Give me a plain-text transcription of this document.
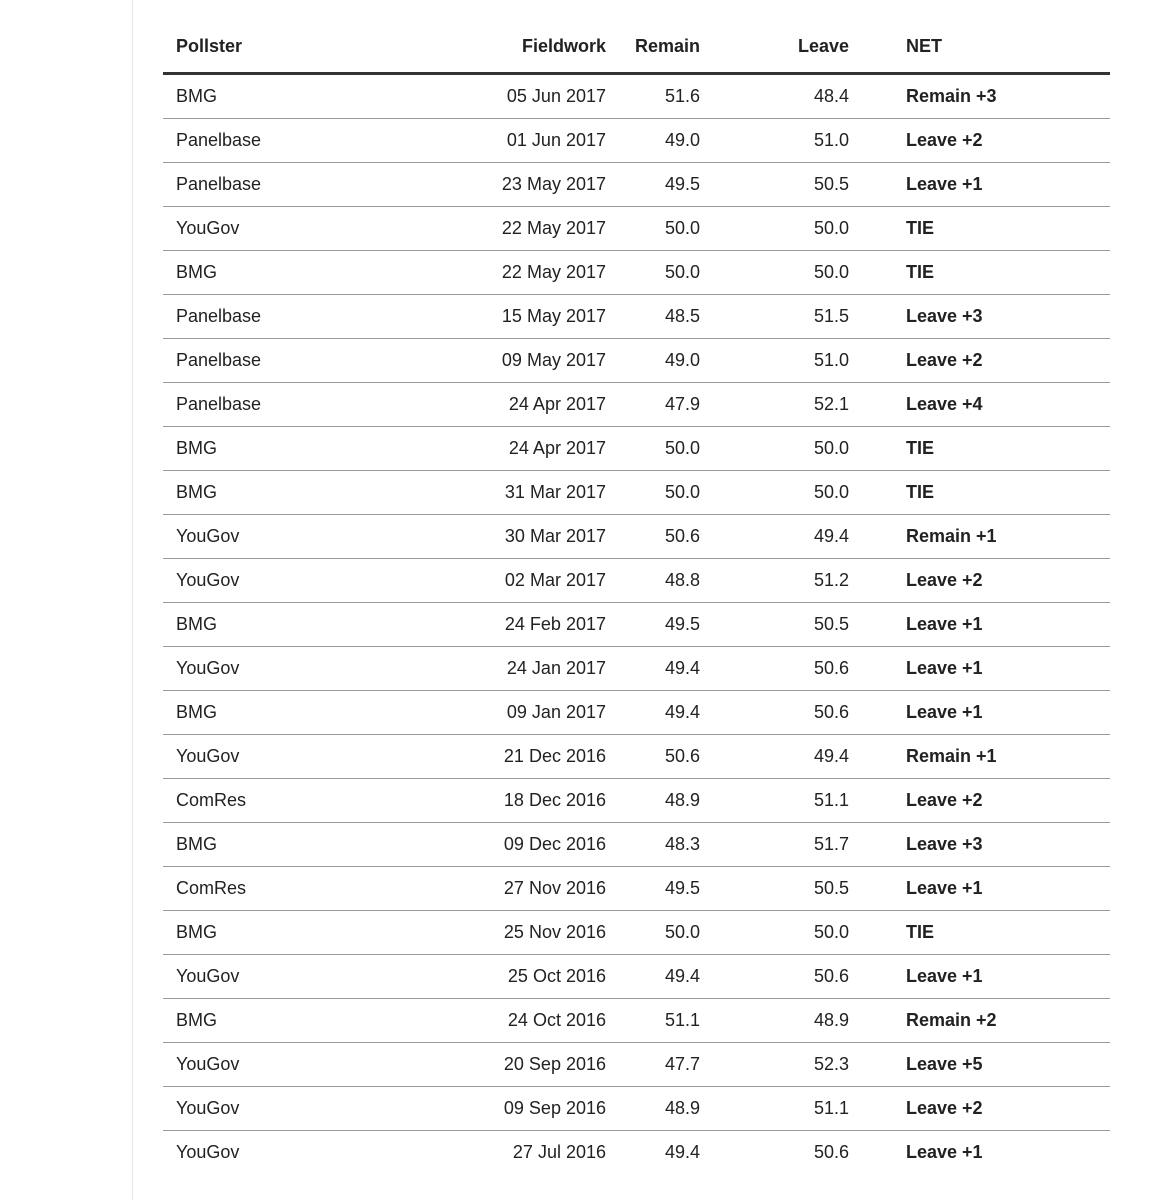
Pollster	Fieldwork	Remain	Leave	NET
BMG	05 Jun 2017	51.6	48.4	Remain +3
Panelbase	01 Jun 2017	49.0	51.0	Leave +2
Panelbase	23 May 2017	49.5	50.5	Leave +1
YouGov	22 May 2017	50.0	50.0	TIE
BMG	22 May 2017	50.0	50.0	TIE
Panelbase	15 May 2017	48.5	51.5	Leave +3
Panelbase	09 May 2017	49.0	51.0	Leave +2
Panelbase	24 Apr 2017	47.9	52.1	Leave +4
BMG	24 Apr 2017	50.0	50.0	TIE
BMG	31 Mar 2017	50.0	50.0	TIE
YouGov	30 Mar 2017	50.6	49.4	Remain +1
YouGov	02 Mar 2017	48.8	51.2	Leave +2
BMG	24 Feb 2017	49.5	50.5	Leave +1
YouGov	24 Jan 2017	49.4	50.6	Leave +1
BMG	09 Jan 2017	49.4	50.6	Leave +1
YouGov	21 Dec 2016	50.6	49.4	Remain +1
ComRes	18 Dec 2016	48.9	51.1	Leave +2
BMG	09 Dec 2016	48.3	51.7	Leave +3
ComRes	27 Nov 2016	49.5	50.5	Leave +1
BMG	25 Nov 2016	50.0	50.0	TIE
YouGov	25 Oct 2016	49.4	50.6	Leave +1
BMG	24 Oct 2016	51.1	48.9	Remain +2
YouGov	20 Sep 2016	47.7	52.3	Leave +5
YouGov	09 Sep 2016	48.9	51.1	Leave +2
YouGov	27 Jul 2016	49.4	50.6	Leave +1
